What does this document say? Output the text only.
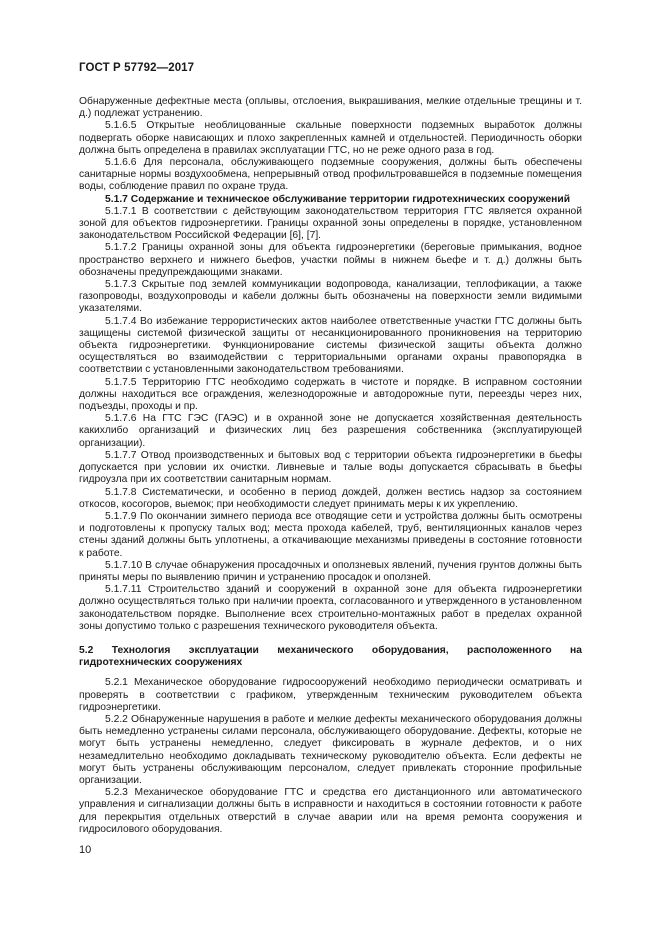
ГОСТ Р 57792—2017

Обнаруженные дефектные места (оплывы, отслоения, выкрашивания, мелкие отдельные трещины и т. д.) подлежат устранению.

5.1.6.5 Открытые необлицованные скальные поверхности подземных выработок должны подвергать оборке нависающих и плохо закрепленных камней и отдельностей. Периодичность оборки должна быть определена в правилах эксплуатации ГТС, но не реже одного раза в год.

5.1.6.6 Для персонала, обслуживающего подземные сооружения, должны быть обеспечены санитарные нормы воздухообмена, непрерывный отвод профильтровавшейся в подземные помещения воды, соблюдение правил по охране труда.

5.1.7 Содержание и техническое обслуживание территории гидротехнических сооружений

5.1.7.1 В соответствии с действующим законодательством территория ГТС является охранной зоной для объектов гидроэнергетики. Границы охранной зоны определены в порядке, установленном законодательством Российской Федерации [6], [7].

5.1.7.2 Границы охранной зоны для объекта гидроэнергетики (береговые примыкания, водное пространство верхнего и нижнего бьефов, участки поймы в нижнем бьефе и т. д.) должны быть обозначены предупреждающими знаками.

5.1.7.3 Скрытые под землей коммуникации водопровода, канализации, теплофикации, а также газопроводы, воздухопроводы и кабели должны быть обозначены на поверхности земли видимыми указателями.

5.1.7.4 Во избежание террористических актов наиболее ответственные участки ГТС должны быть защищены системой физической защиты от несанкционированного проникновения на территорию объекта гидроэнергетики. Функционирование системы физической защиты объекта должно осуществляться во взаимодействии с территориальными органами охраны правопорядка в соответствии с установленными законодательством требованиями.

5.1.7.5 Территорию ГТС необходимо содержать в чистоте и порядке. В исправном состоянии должны находиться все ограждения, железнодорожные и автодорожные пути, переезды через них, подъезды, проходы и пр.

5.1.7.6 На ГТС ГЭС (ГАЭС) и в охранной зоне не допускается хозяйственная деятельность какихлибо организаций и физических лиц без разрешения собственника (эксплуатирующей организации).

5.1.7.7 Отвод производственных и бытовых вод с территории объекта гидроэнергетики в бьефы допускается при условии их очистки. Ливневые и талые воды допускается сбрасывать в бьефы гидроузла при их соответствии санитарным нормам.

5.1.7.8 Систематически, и особенно в период дождей, должен вестись надзор за состоянием откосов, косогоров, выемок; при необходимости следует принимать меры к их укреплению.

5.1.7.9 По окончании зимнего периода все отводящие сети и устройства должны быть осмотрены и подготовлены к пропуску талых вод; места прохода кабелей, труб, вентиляционных каналов через стены зданий должны быть уплотнены, а откачивающие механизмы приведены в состояние готовности к работе.

5.1.7.10 В случае обнаружения просадочных и оползневых явлений, пучения грунтов должны быть приняты меры по выявлению причин и устранению просадок и оползней.

5.1.7.11 Строительство зданий и сооружений в охранной зоне для объекта гидроэнергетики должно осуществляться только при наличии проекта, согласованного и утвержденного в установленном законодательством порядке. Выполнение всех строительно-монтажных работ в пределах охранной зоны допустимо только с разрешения технического руководителя объекта.

5.2 Технология эксплуатации механического оборудования, расположенного на гидротехнических сооружениях

5.2.1 Механическое оборудование гидросооружений необходимо периодически осматривать и проверять в соответствии с графиком, утвержденным техническим руководителем объекта гидроэнергетики.

5.2.2 Обнаруженные нарушения в работе и мелкие дефекты механического оборудования должны быть немедленно устранены силами персонала, обслуживающего оборудование. Дефекты, которые не могут быть устранены немедленно, следует фиксировать в журнале дефектов, и о них незамедлительно необходимо докладывать техническому руководителю объекта. Если дефекты не могут быть устранены обслуживающим персоналом, следует привлекать сторонние профильные организации.

5.2.3 Механическое оборудование ГТС и средства его дистанционного или автоматического управления и сигнализации должны быть в исправности и находиться в состоянии готовности к работе для перекрытия отдельных отверстий в случае аварии или на время ремонта сооружения и гидросилового оборудования.

10
